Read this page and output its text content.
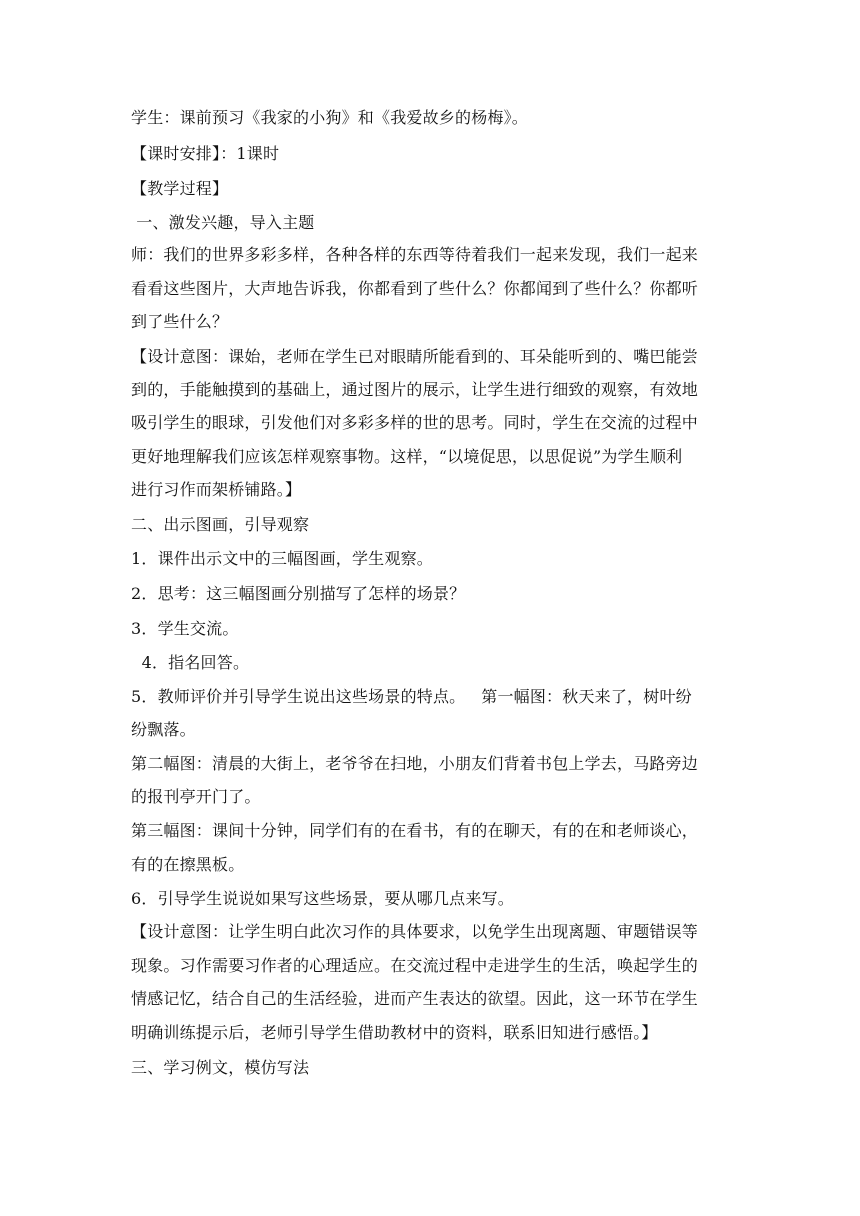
学生：课前预习《我家的小狗》和《我爱故乡的杨梅》。
【课时安排】：1课时
【教学过程】
一、激发兴趣，导入主题
师：我们的世界多彩多样，各种各样的东西等待着我们一起来发现，我们一起来
看看这些图片，大声地告诉我，你都看到了些什么？你都闻到了些什么？你都听
到了些什么？
【设计意图：课始，老师在学生已对眼睛所能看到的、耳朵能听到的、嘴巴能尝
到的，手能触摸到的基础上，通过图片的展示，让学生进行细致的观察，有效地
吸引学生的眼球，引发他们对多彩多样的世的思考。同时，学生在交流的过程中
更好地理解我们应该怎样观察事物。这样，“以境促思，以思促说”为学生顺利
进行习作而架桥铺路。】
二、出示图画，引导观察
1．课件出示文中的三幅图画，学生观察。
2．思考：这三幅图画分别描写了怎样的场景？
3．学生交流。
4．指名回答。
5．教师评价并引导学生说出这些场景的特点。   第一幅图：秋天来了，树叶纷
纷飘落。
第二幅图：清晨的大街上，老爷爷在扫地，小朋友们背着书包上学去，马路旁边
的报刊亭开门了。
第三幅图：课间十分钟，同学们有的在看书，有的在聊天，有的在和老师谈心，
有的在擦黑板。
6．引导学生说说如果写这些场景，要从哪几点来写。
【设计意图：让学生明白此次习作的具体要求，以免学生出现离题、审题错误等
现象。习作需要习作者的心理适应。在交流过程中走进学生的生活，唤起学生的
情感记忆，结合自己的生活经验，进而产生表达的欲望。因此，这一环节在学生
明确训练提示后，老师引导学生借助教材中的资料，联系旧知进行感悟。】
三、学习例文，模仿写法
